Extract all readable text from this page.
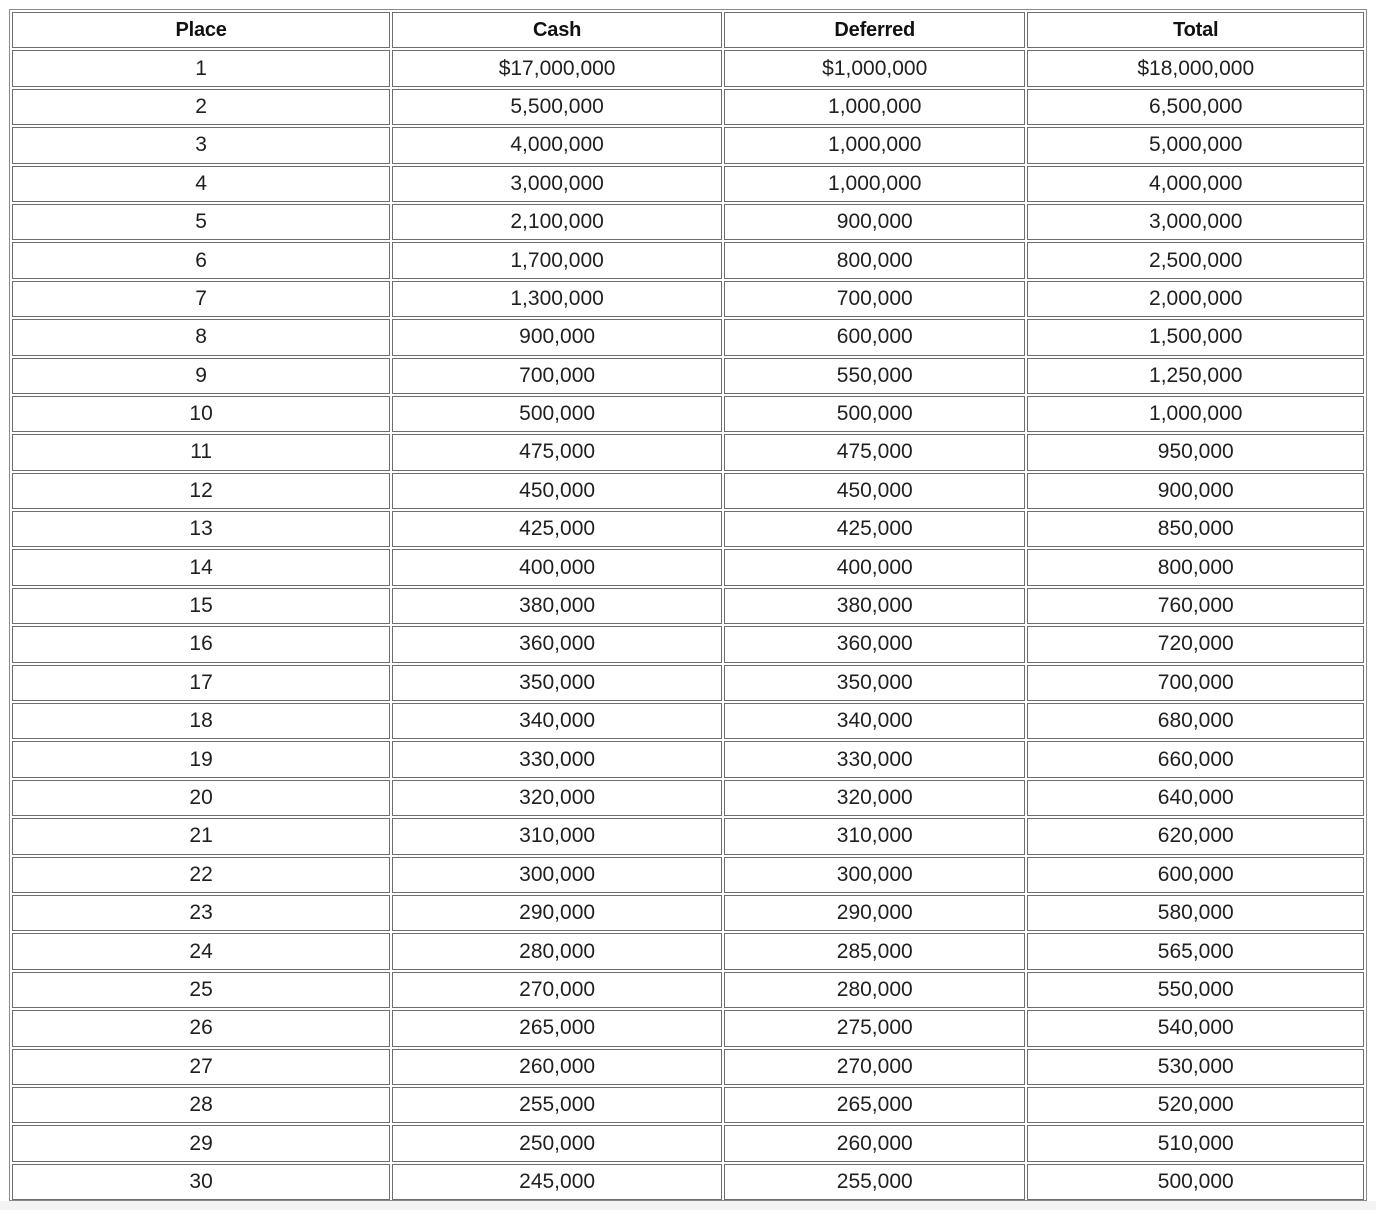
Place	Cash	Deferred	Total
1	$17,000,000	$1,000,000	$18,000,000
2	5,500,000	1,000,000	6,500,000
3	4,000,000	1,000,000	5,000,000
4	3,000,000	1,000,000	4,000,000
5	2,100,000	900,000	3,000,000
6	1,700,000	800,000	2,500,000
7	1,300,000	700,000	2,000,000
8	900,000	600,000	1,500,000
9	700,000	550,000	1,250,000
10	500,000	500,000	1,000,000
11	475,000	475,000	950,000
12	450,000	450,000	900,000
13	425,000	425,000	850,000
14	400,000	400,000	800,000
15	380,000	380,000	760,000
16	360,000	360,000	720,000
17	350,000	350,000	700,000
18	340,000	340,000	680,000
19	330,000	330,000	660,000
20	320,000	320,000	640,000
21	310,000	310,000	620,000
22	300,000	300,000	600,000
23	290,000	290,000	580,000
24	280,000	285,000	565,000
25	270,000	280,000	550,000
26	265,000	275,000	540,000
27	260,000	270,000	530,000
28	255,000	265,000	520,000
29	250,000	260,000	510,000
30	245,000	255,000	500,000
